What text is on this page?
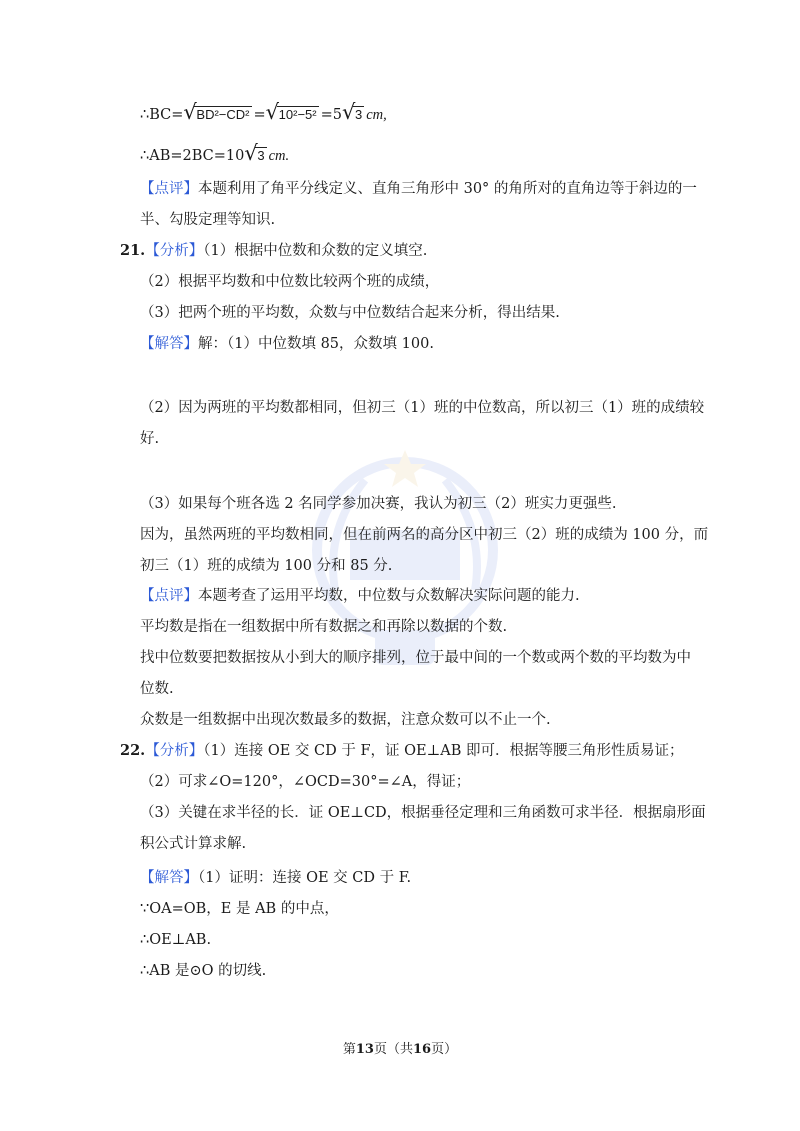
∴BC= √ BD²−CD² = √ 10²−5² =5 √ 3 cm,
∴AB=2BC=10 √ 3 cm.
【点评】本题利用了角平分线定义、直角三角形中 30° 的角所对的直角边等于斜边的一
半、勾股定理等知识.
21.【分析】（1）根据中位数和众数的定义填空.
（2）根据平均数和中位数比较两个班的成绩，
（3）把两个班的平均数，众数与中位数结合起来分析，得出结果.
【解答】解：（1）中位数填 85，众数填 100.
（2）因为两班的平均数都相同，但初三（1）班的中位数高，所以初三（1）班的成绩较
好.
（3）如果每个班各选 2 名同学参加决赛，我认为初三（2）班实力更强些.
因为，虽然两班的平均数相同，但在前两名的高分区中初三（2）班的成绩为 100 分，而
初三（1）班的成绩为 100 分和 85 分.
【点评】本题考查了运用平均数，中位数与众数解决实际问题的能力.
平均数是指在一组数据中所有数据之和再除以数据的个数.
找中位数要把数据按从小到大的顺序排列，位于最中间的一个数或两个数的平均数为中
位数.
众数是一组数据中出现次数最多的数据，注意众数可以不止一个.
22.【分析】（1）连接 OE 交 CD 于 F，证 OE⊥AB 即可．根据等腰三角形性质易证；
（2）可求∠O=120°，∠OCD=30°=∠A，得证；
（3）关键在求半径的长．证 OE⊥CD，根据垂径定理和三角函数可求半径．根据扇形面
积公式计算求解.
【解答】（1）证明：连接 OE 交 CD 于 F.
∵OA=OB，E 是 AB 的中点，
∴OE⊥AB.
∴AB 是⊙O 的切线.
第13页（共16页）
